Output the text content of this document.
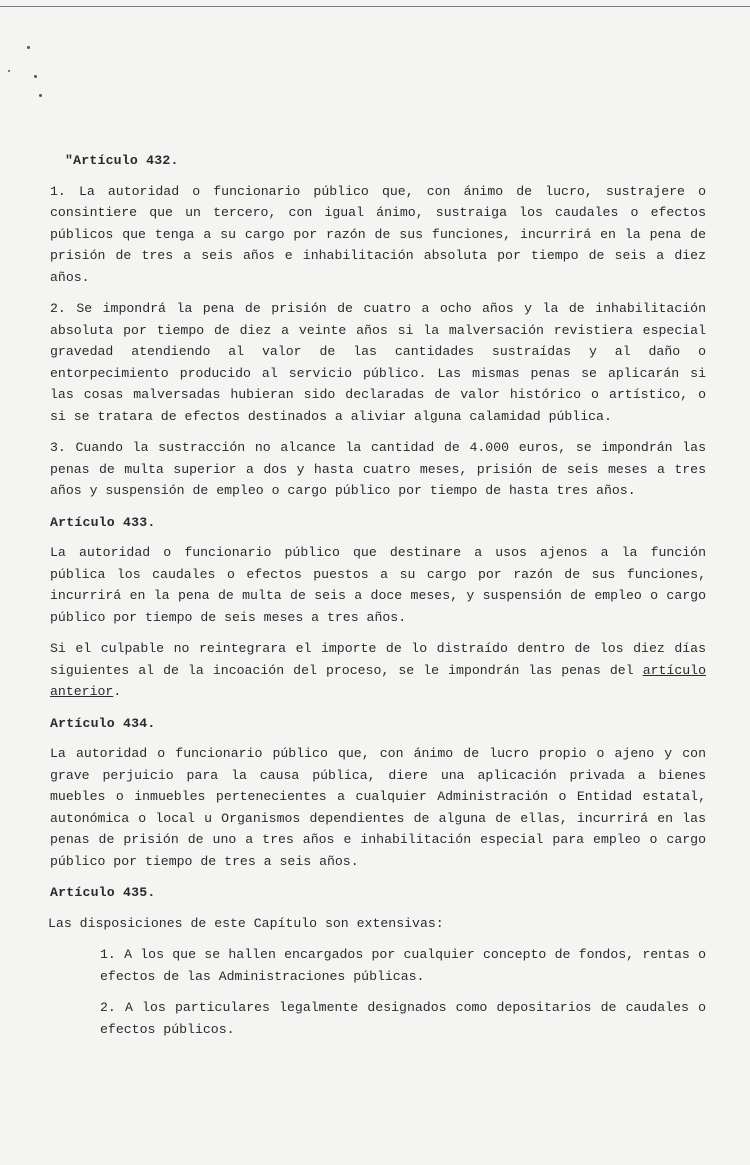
"Artículo 432.

1. La autoridad o funcionario público que, con ánimo de lucro, sustrajere o consintiere que un tercero, con igual ánimo, sustraiga los caudales o efectos públicos que tenga a su cargo por razón de sus funciones, incurrirá en la pena de prisión de tres a seis años e inhabilitación absoluta por tiempo de seis a diez años.

2. Se impondrá la pena de prisión de cuatro a ocho años y la de inhabilitación absoluta por tiempo de diez a veinte años si la malversación revistiera especial gravedad atendiendo al valor de las cantidades sustraídas y al daño o entorpecimiento producido al servicio público. Las mismas penas se aplicarán si las cosas malversadas hubieran sido declaradas de valor histórico o artístico, o si se tratara de efectos destinados a aliviar alguna calamidad pública.

3. Cuando la sustracción no alcance la cantidad de 4.000 euros, se impondrán las penas de multa superior a dos y hasta cuatro meses, prisión de seis meses a tres años y suspensión de empleo o cargo público por tiempo de hasta tres años.

Artículo 433.

La autoridad o funcionario público que destinare a usos ajenos a la función pública los caudales o efectos puestos a su cargo por razón de sus funciones, incurrirá en la pena de multa de seis a doce meses, y suspensión de empleo o cargo público por tiempo de seis meses a tres años.

Si el culpable no reintegrara el importe de lo distraído dentro de los diez días siguientes al de la incoación del proceso, se le impondrán las penas del artículo anterior.

Artículo 434.

La autoridad o funcionario público que, con ánimo de lucro propio o ajeno y con grave perjuicio para la causa pública, diere una aplicación privada a bienes muebles o inmuebles pertenecientes a cualquier Administración o Entidad estatal, autonómica o local u Organismos dependientes de alguna de ellas, incurrirá en las penas de prisión de uno a tres años e inhabilitación especial para empleo o cargo público por tiempo de tres a seis años.

Artículo 435.

Las disposiciones de este Capítulo son extensivas:

1. A los que se hallen encargados por cualquier concepto de fondos, rentas o efectos de las Administraciones públicas.

2. A los particulares legalmente designados como depositarios de caudales o efectos públicos.
